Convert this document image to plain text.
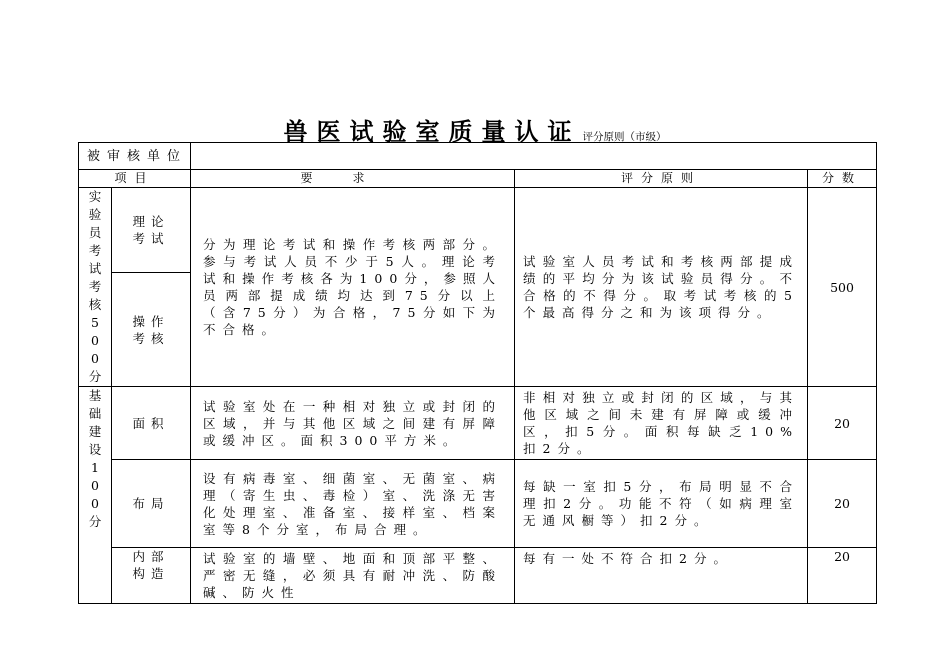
兽医试验室质量认证 评分原则（市级）
被审核单位				
项目		要求	评分原则	分数

实验员考试考核500分	理论考试	分为理论考试和操作考核两部分。参与考试人员不少于5人。理论考试和操作考核各为100分，参照人员两部提成绩均达到75分以上（含75分）为合格，75分如下为不合格。	试验室人员考试和考核两部提成绩的平均分为该试验员得分。不合格的不得分。取考试考核的5个最高得分之和为该项得分。	500

	操作考核			

基础建设100分	面积	试验室处在一种相对独立或封闭的区域，并与其他区域之间建有屏障或缓冲区。面积300平方米。	非相对独立或封闭的区域，与其他区域之间未建有屏障或缓冲区，扣5分。面积每缺乏10%扣2分。	20
	布局	设有病毒室、细菌室、无菌室、病理（寄生虫、毒检）室、洗涤无害化处理室、准备室、接样室、档案室等8个分室，布局合理。	每缺一室扣5分，布局明显不合理扣2分。功能不符（如病理室无通风橱等）扣2分。	20

	内部构造	试验室的墙壁、地面和顶部平整、严密无缝，必须具有耐冲洗、防酸碱、防火性	每有一处不符合扣2分。	20
